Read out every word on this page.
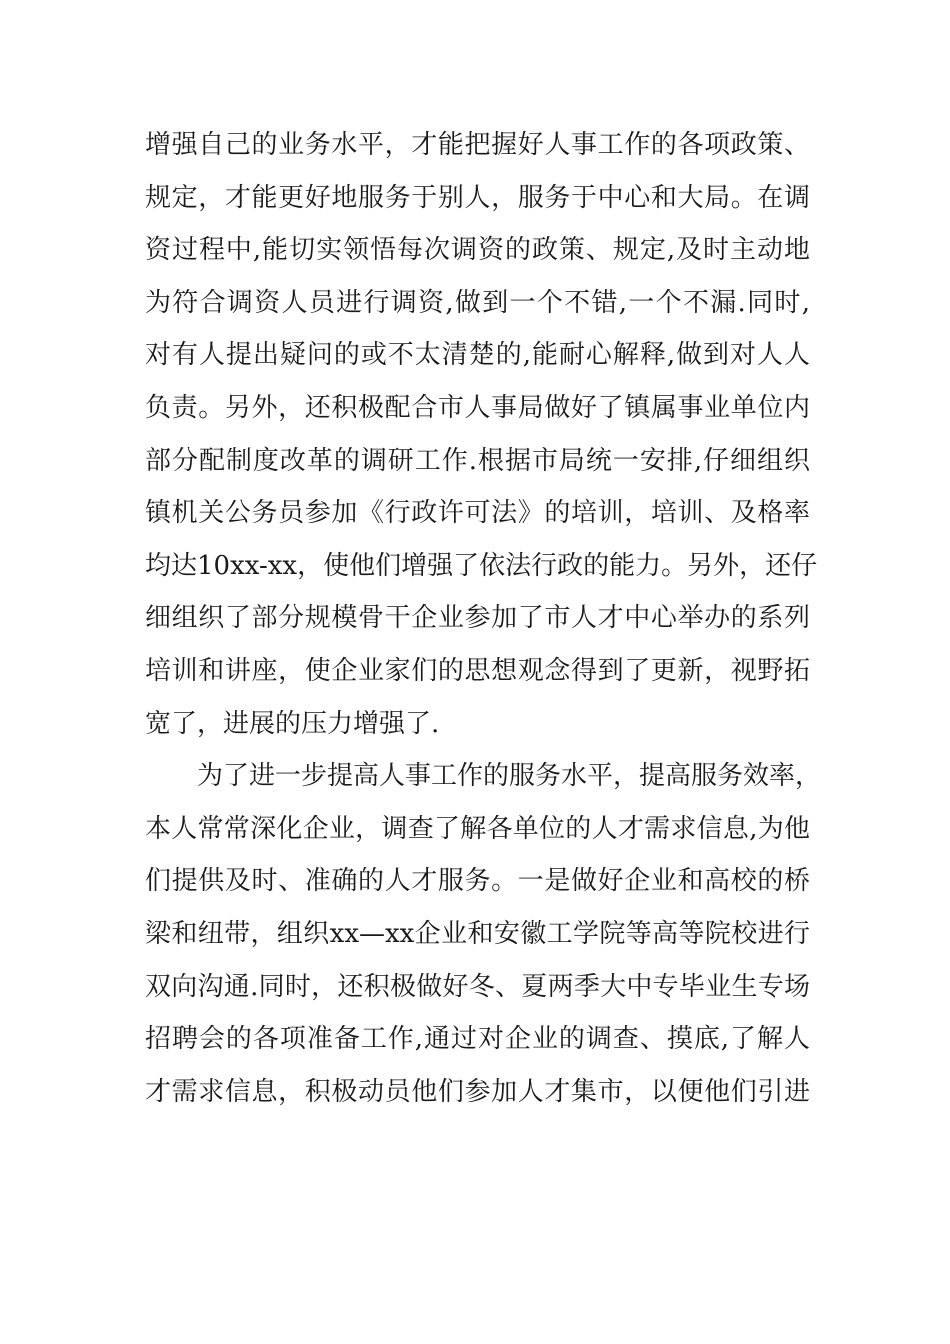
增强自己的业务水平，才能把握好人事工作的各项政策、
规定，才能更好地服务于别人，服务于中心和大局。在调
资过程中,能切实领悟每次调资的政策、规定,及时主动地
为符合调资人员进行调资,做到一个不错,一个不漏.同时,
对有人提出疑问的或不太清楚的,能耐心解释,做到对人人
负责。另外，还积极配合市人事局做好了镇属事业单位内
部分配制度改革的调研工作.根据市局统一安排,仔细组织
镇机关公务员参加《行政许可法》的培训，培训、及格率
均达10xx-xx，使他们增强了依法行政的能力。另外，还仔
细组织了部分规模骨干企业参加了市人才中心举办的系列
培训和讲座，使企业家们的思想观念得到了更新，视野拓
宽了，进展的压力增强了.
为了进一步提高人事工作的服务水平，提高服务效率，
本人常常深化企业，调查了解各单位的人才需求信息,为他
们提供及时、准确的人才服务。一是做好企业和高校的桥
梁和纽带，组织xx—xx企业和安徽工学院等高等院校进行
双向沟通.同时，还积极做好冬、夏两季大中专毕业生专场
招聘会的各项准备工作,通过对企业的调查、摸底,了解人
才需求信息，积极动员他们参加人才集市，以便他们引进
